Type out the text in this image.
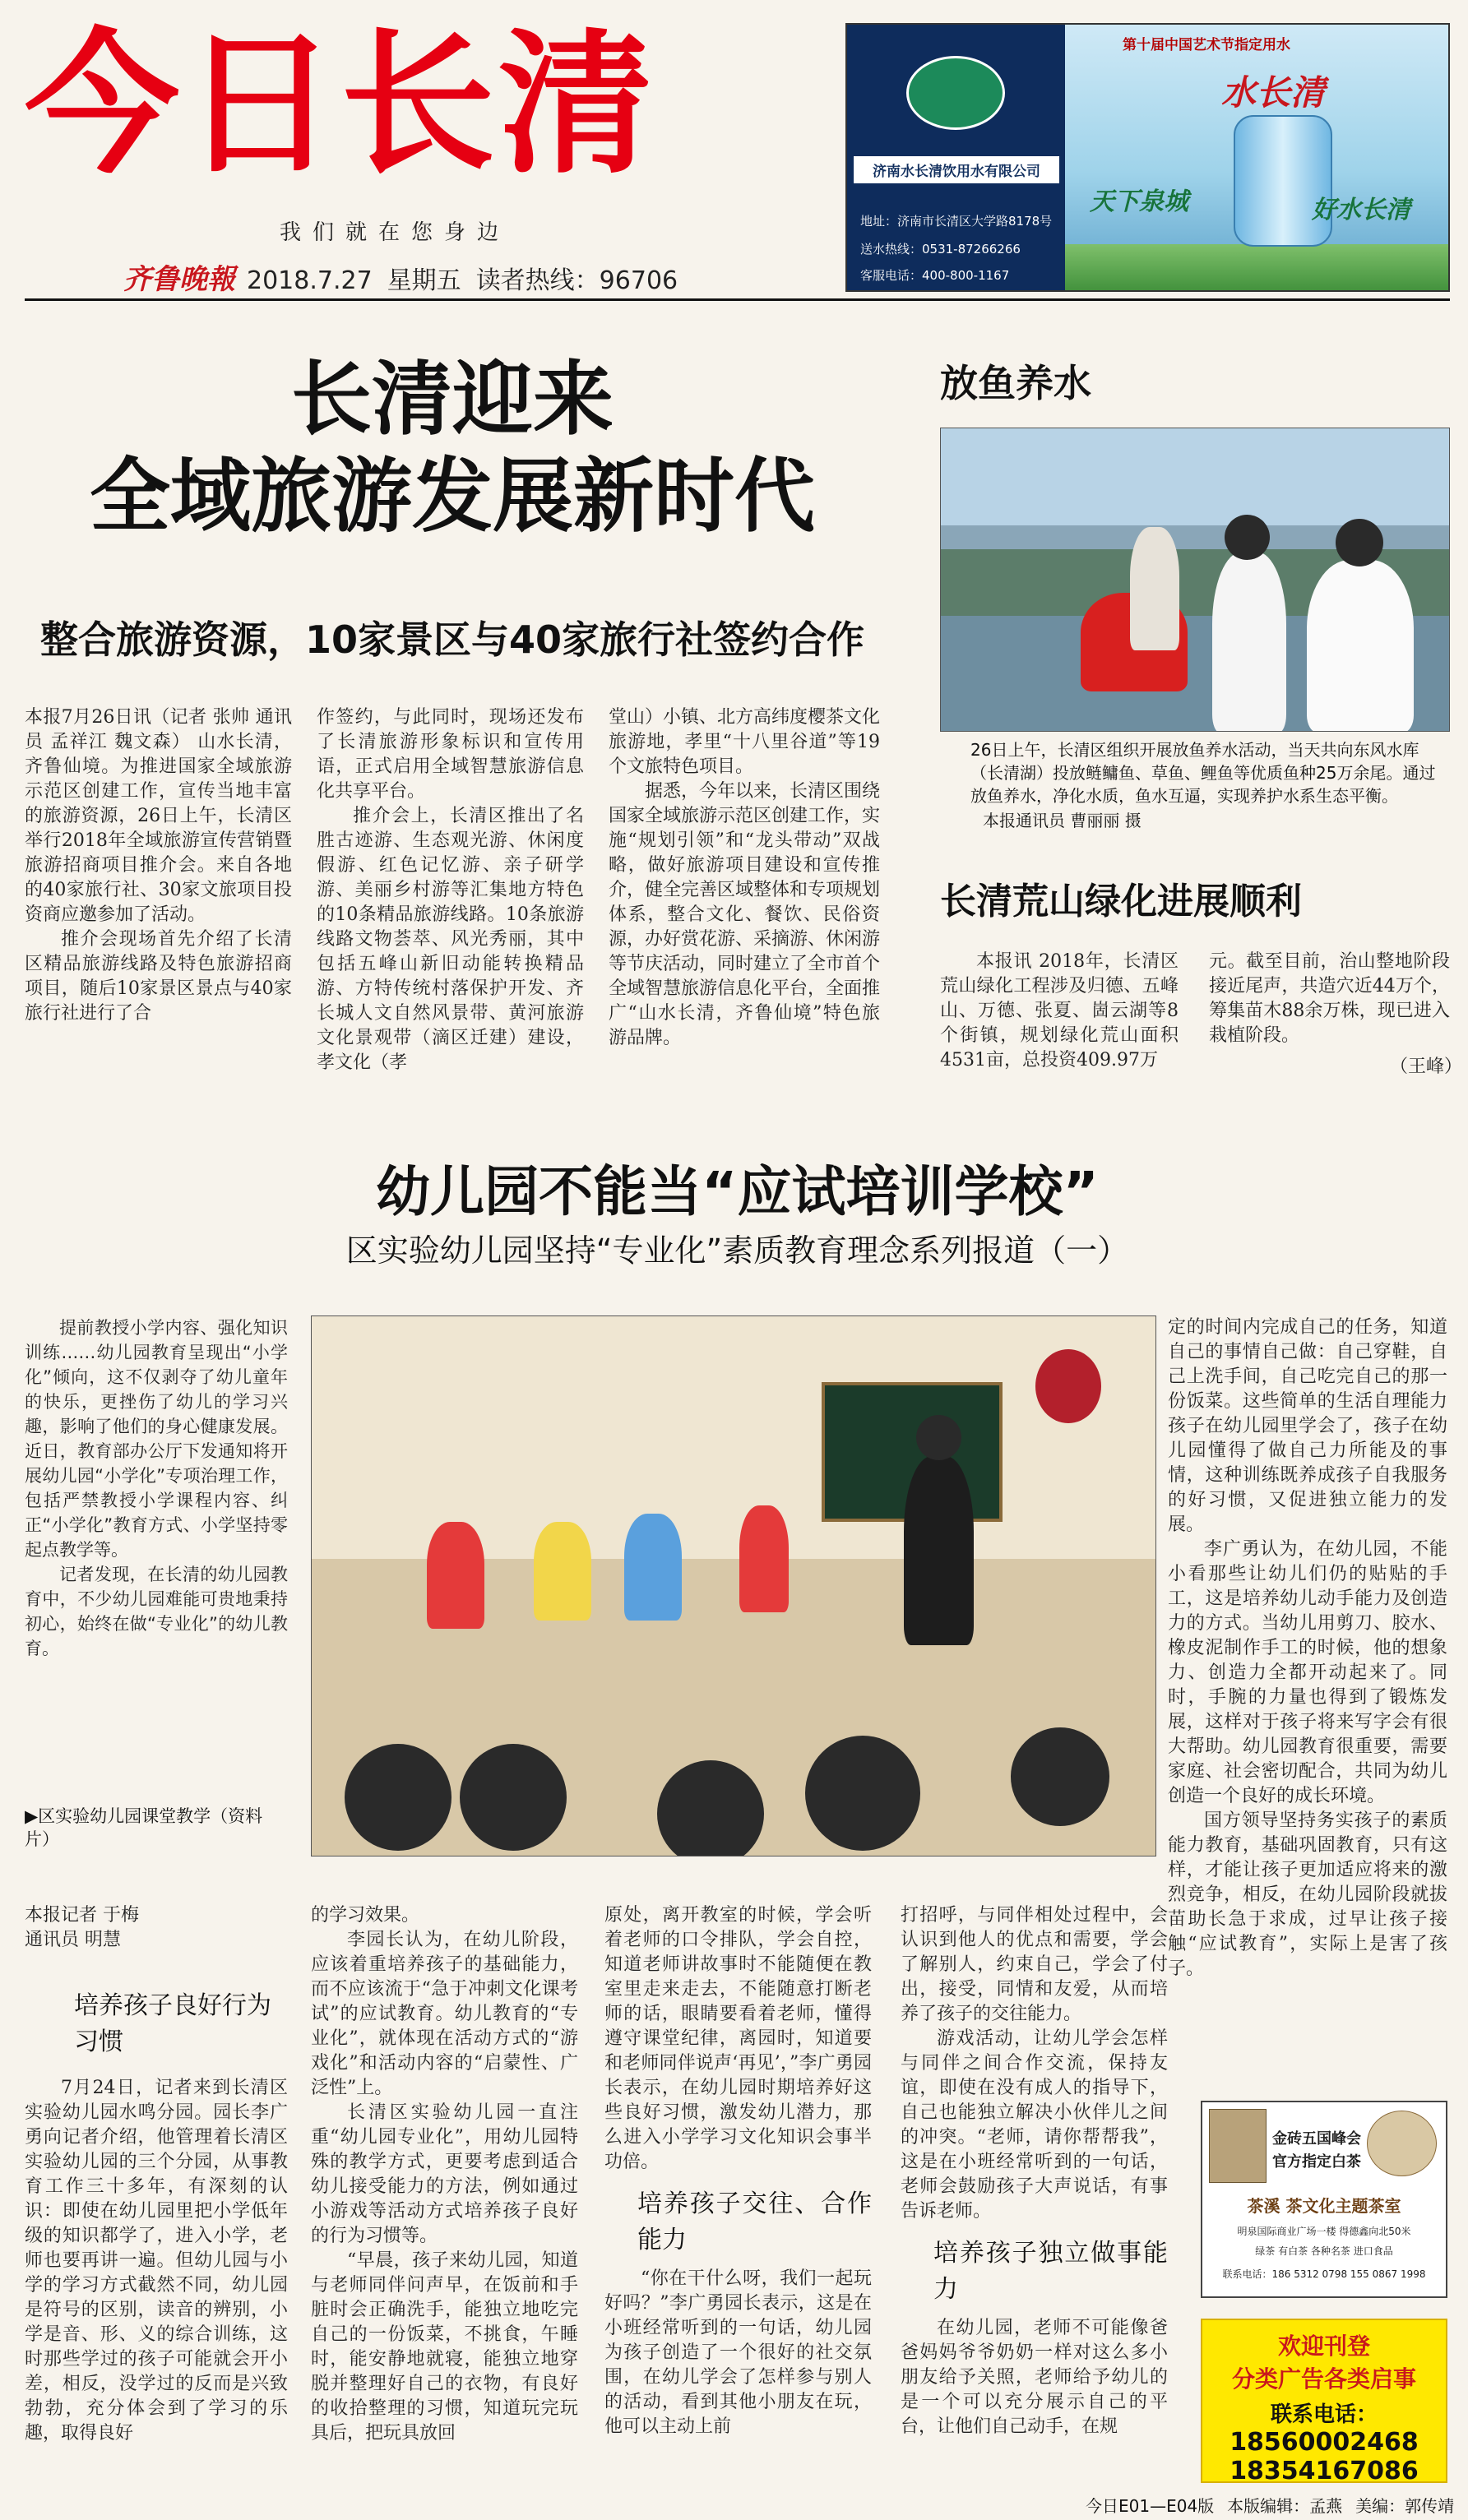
今日长清
我们就在您身边
齐鲁晚報 2018.7.27 星期五 读者热线：96706
济南水长清饮用水有限公司
地址：济南市长清区大学路8178号
送水热线：0531-87266266
客服电话：400-800-1167
第十届中国艺术节指定用水
水长清
天下泉城	好水长清
长清迎来
全域旅游发展新时代
整合旅游资源，10家景区与40家旅行社签约合作

本报7月26日讯（记者 张帅 通讯员 孟祥江 魏文森） 山水长清，齐鲁仙境。为推进国家全域旅游示范区创建工作，宣传当地丰富的旅游资源，26日上午，长清区举行2018年全域旅游宣传营销暨旅游招商项目推介会。来自各地的40家旅行社、30家文旅项目投资商应邀参加了活动。

推介会现场首先介绍了长清区精品旅游线路及特色旅游招商项目，随后10家景区景点与40家旅行社进行了合

作签约，与此同时，现场还发布了长清旅游形象标识和宣传用语，正式启用全域智慧旅游信息化共享平台。

推介会上，长清区推出了名胜古迹游、生态观光游、休闲度假游、红色记忆游、亲子研学游、美丽乡村游等汇集地方特色的10条精品旅游线路。10条旅游线路文物荟萃、风光秀丽，其中包括五峰山新旧动能转换精品游、方特传统村落保护开发、齐长城人文自然风景带、黄河旅游文化景观带（滴区迁建）建设，孝文化（孝

堂山）小镇、北方高纬度樱茶文化旅游地，孝里“十八里谷道”等19个文旅特色项目。

据悉，今年以来，长清区围绕国家全域旅游示范区创建工作，实施“规划引领”和“龙头带动”双战略，做好旅游项目建设和宣传推介，健全完善区域整体和专项规划体系，整合文化、餐饮、民俗资源，办好赏花游、采摘游、休闲游等节庆活动，同时建立了全市首个全域智慧旅游信息化平台，全面推广“山水长清，齐鲁仙境”特色旅游品牌。

放鱼养水
26日上午，长清区组织开展放鱼养水活动，当天共向东风水库（长清湖）投放鲢鳙鱼、草鱼、鲤鱼等优质鱼种25万余尾。通过放鱼养水，净化水质，鱼水互逼，实现养护水系生态平衡。
本报通讯员 曹丽丽 摄
长清荒山绿化进展顺利

本报讯 2018年，长清区荒山绿化工程涉及归德、五峰山、万德、张夏、崮云湖等8个街镇，规划绿化荒山面积4531亩，总投资409.97万

元。截至目前，治山整地阶段接近尾声，共造穴近44万个，筹集苗木88余万株，现已进入栽植阶段。

（王峰）
幼儿园不能当“应试培训学校”
区实验幼儿园坚持“专业化”素质教育理念系列报道（一）

提前教授小学内容、强化知识训练……幼儿园教育呈现出“小学化”倾向，这不仅剥夺了幼儿童年的快乐，更挫伤了幼儿的学习兴趣，影响了他们的身心健康发展。近日，教育部办公厅下发通知将开展幼儿园“小学化”专项治理工作，包括严禁教授小学课程内容、纠正“小学化”教育方式、小学坚持零起点教学等。

记者发现，在长清的幼儿园教育中，不少幼儿园难能可贵地秉持初心，始终在做“专业化”的幼儿教育。

▶区实验幼儿园课堂教学（资料片）

定的时间内完成自己的任务，知道自己的事情自己做：自己穿鞋，自己上洗手间，自己吃完自己的那一份饭菜。这些简单的生活自理能力孩子在幼儿园里学会了，孩子在幼儿园懂得了做自己力所能及的事情，这种训练既养成孩子自我服务的好习惯，又促进独立能力的发展。

李广勇认为，在幼儿园，不能小看那些让幼儿们仍的贴贴的手工，这是培养幼儿动手能力及创造力的方式。当幼儿用剪刀、胶水、橡皮泥制作手工的时候，他的想象力、创造力全都开动起来了。同时，手腕的力量也得到了锻炼发展，这样对于孩子将来写字会有很大帮助。幼儿园教育很重要，需要家庭、社会密切配合，共同为幼儿创造一个良好的成长环境。

国方领导坚持务实孩子的素质能力教育，基础巩固教育，只有这样，才能让孩子更加适应将来的激烈竞争，相反，在幼儿园阶段就拔苗助长急于求成，过早让孩子接触“应试教育”，实际上是害了孩子。

本报记者 于梅
通讯员 明慧
培养孩子良好行为习惯

7月24日，记者来到长清区实验幼儿园水鸣分园。园长李广勇向记者介绍，他管理着长清区实验幼儿园的三个分园，从事教育工作三十多年，有深刻的认识：即使在幼儿园里把小学低年级的知识都学了，进入小学，老师也要再讲一遍。但幼儿园与小学的学习方式截然不同，幼儿园是符号的区别，读音的辨别，小学是音、形、义的综合训练，这时那些学过的孩子可能就会开小差，相反，没学过的反而是兴致勃勃，充分体会到了学习的乐趣，取得良好

的学习效果。

李园长认为，在幼儿阶段，应该着重培养孩子的基础能力，而不应该流于“急于冲刺文化课考试”的应试教育。幼儿教育的“专业化”，就体现在活动方式的“游戏化”和活动内容的“启蒙性、广泛性”上。

长清区实验幼儿园一直注重“幼儿园专业化”，用幼儿园特殊的教学方式，更要考虑到适合幼儿接受能力的方法，例如通过小游戏等活动方式培养孩子良好的行为习惯等。

“早晨，孩子来幼儿园，知道与老师同伴问声早，在饭前和手脏时会正确洗手，能独立地吃完自己的一份饭菜，不挑食，午睡时，能安静地就寝，能独立地穿脱并整理好自己的衣物，有良好的收拾整理的习惯，知道玩完玩具后，把玩具放回

原处，离开教室的时候，学会听着老师的口令排队，学会自控，知道老师讲故事时不能随便在教室里走来走去，不能随意打断老师的话，眼睛要看着老师，懂得遵守课堂纪律，离园时，知道要和老师同伴说声‘再见’，”李广勇园长表示，在幼儿园时期培养好这些良好习惯，激发幼儿潜力，那么进入小学学习文化知识会事半功倍。

培养孩子交往、合作能力

“你在干什么呀，我们一起玩好吗？”李广勇园长表示，这是在小班经常听到的一句话，幼儿园为孩子创造了一个很好的社交氛围，在幼儿学会了怎样参与别人的活动，看到其他小朋友在玩，他可以主动上前

打招呼，与同伴相处过程中，会认识到他人的优点和需要，学会了解别人，约束自己，学会了付出，接受，同情和友爱，从而培养了孩子的交往能力。

游戏活动，让幼儿学会怎样与同伴之间合作交流，保持友谊，即使在没有成人的指导下，自己也能独立解决小伙伴儿之间的冲突。“老师，请你帮帮我”，这是在小班经常听到的一句话，老师会鼓励孩子大声说话，有事告诉老师。

培养孩子独立做事能力

在幼儿园，老师不可能像爸爸妈妈爷爷奶奶一样对这么多小朋友给予关照，老师给予幼儿的是一个可以充分展示自己的平台，让他们自己动手，在规

金砖五国峰会
官方指定白茶
茶溪 茶文化主题茶室
明泉国际商业广场一楼 得德鑫向北50米
绿茶 有白茶 各种名茶 进口食品
联系电话：186 5312 0798 155 0867 1998
欢迎刊登
分类广告各类启事
联系电话：
18560002468
18354167086
今日E01—E04版 本版编辑：孟燕 美编：郭传靖
